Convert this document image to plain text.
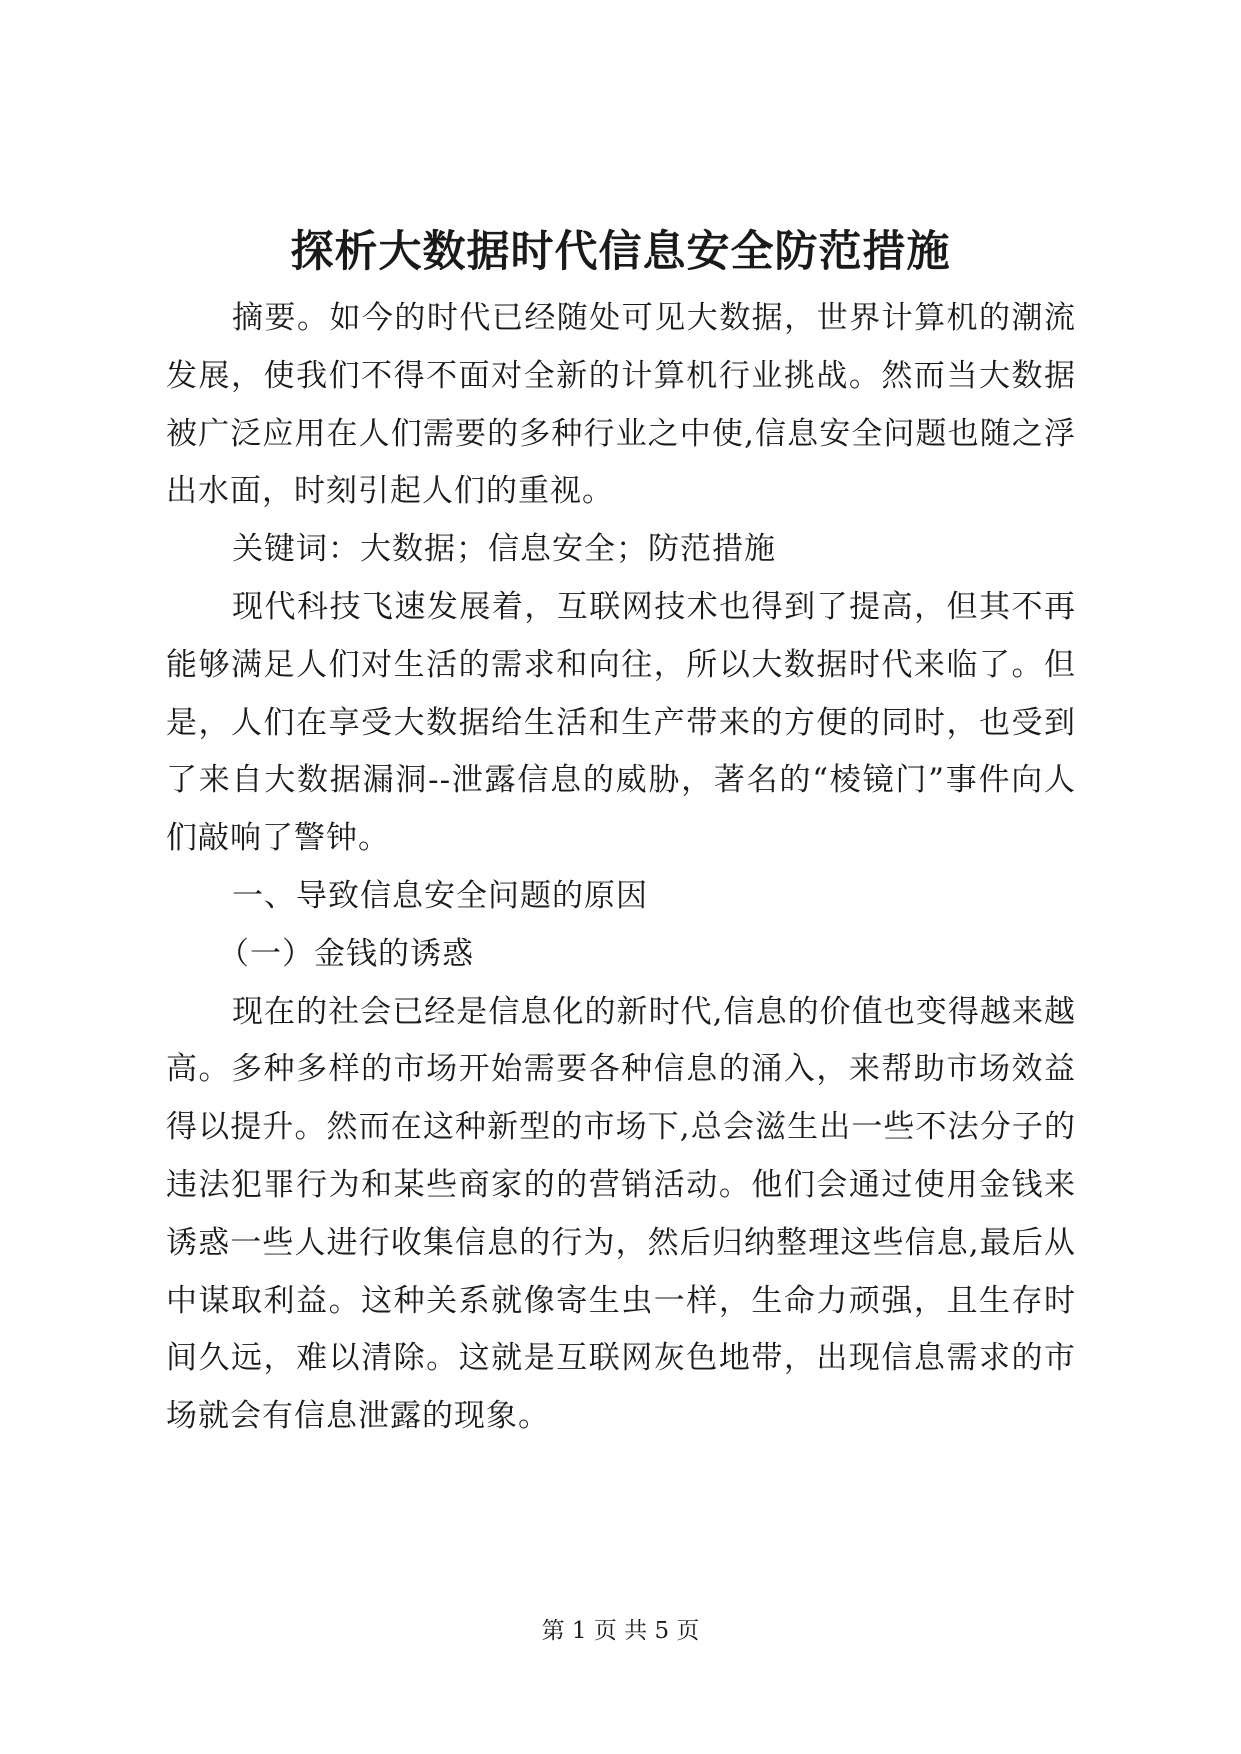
探析大数据时代信息安全防范措施

摘要。如今的时代已经随处可见大数据，世界计算机的潮流发展，使我们不得不面对全新的计算机行业挑战。然而当大数据被广泛应用在人们需要的多种行业之中使,信息安全问题也随之浮出水面，时刻引起人们的重视。

关键词：大数据；信息安全；防范措施

现代科技飞速发展着，互联网技术也得到了提高，但其不再能够满足人们对生活的需求和向往，所以大数据时代来临了。但是，人们在享受大数据给生活和生产带来的方便的同时，也受到了来自大数据漏洞--泄露信息的威胁，著名的“棱镜门”事件向人们敲响了警钟。

一、导致信息安全问题的原因

（一）金钱的诱惑

现在的社会已经是信息化的新时代,信息的价值也变得越来越高。多种多样的市场开始需要各种信息的涌入，来帮助市场效益得以提升。然而在这种新型的市场下,总会滋生出一些不法分子的违法犯罪行为和某些商家的的营销活动。他们会通过使用金钱来诱惑一些人进行收集信息的行为，然后归纳整理这些信息,最后从中谋取利益。这种关系就像寄生虫一样，生命力顽强，且生存时间久远，难以清除。这就是互联网灰色地带，出现信息需求的市场就会有信息泄露的现象。

第 1 页 共 5 页
